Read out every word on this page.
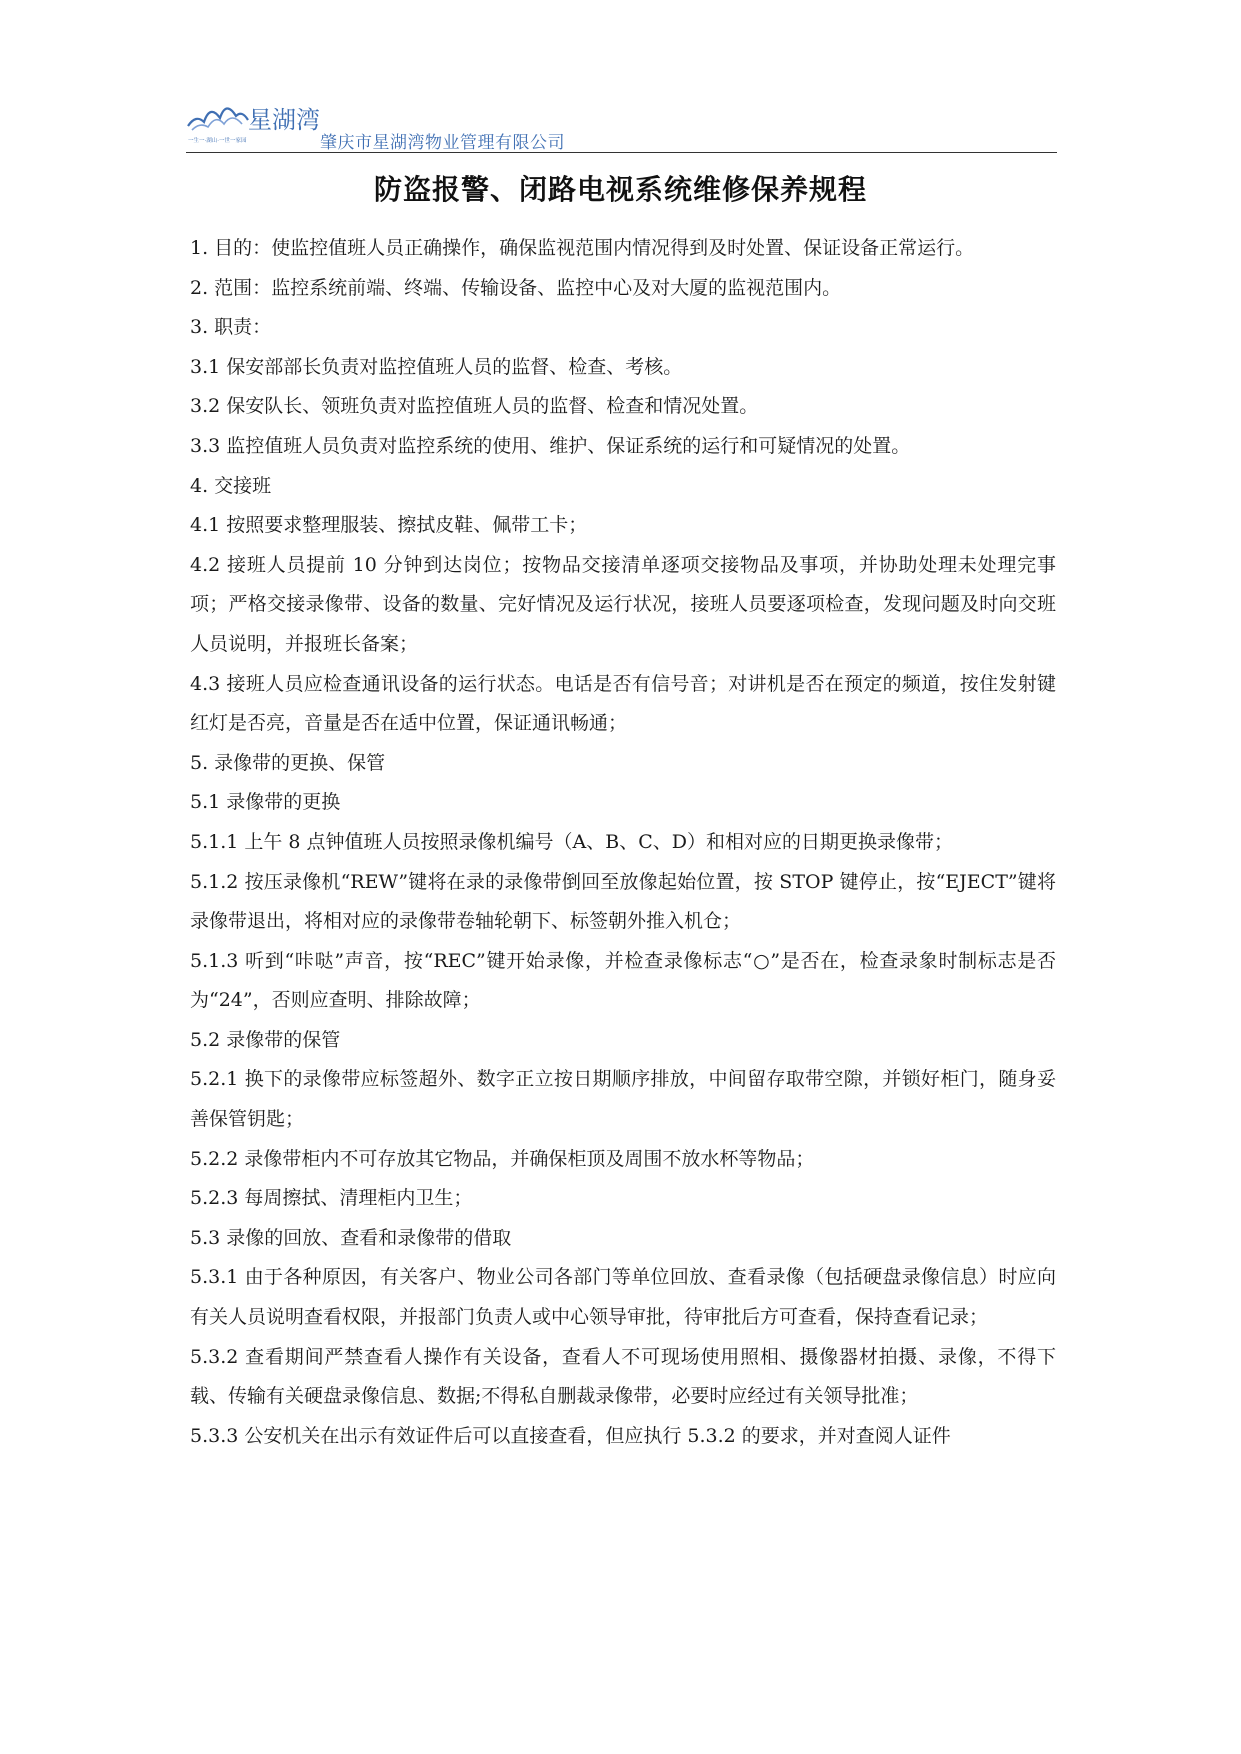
星湖湾
一生一·湖山·一世一家园	肇庆市星湖湾物业管理有限公司
防盗报警、闭路电视系统维修保养规程

1. 目的：使监控值班人员正确操作，确保监视范围内情况得到及时处置、保证设备正常运行。

2. 范围：监控系统前端、终端、传输设备、监控中心及对大厦的监视范围内。

3. 职责：

3.1 保安部部长负责对监控值班人员的监督、检查、考核。

3.2 保安队长、领班负责对监控值班人员的监督、检查和情况处置。

3.3 监控值班人员负责对监控系统的使用、维护、保证系统的运行和可疑情况的处置。

4. 交接班

4.1 按照要求整理服装、擦拭皮鞋、佩带工卡；

4.2 接班人员提前 10 分钟到达岗位；按物品交接清单逐项交接物品及事项，并协助处理未处理完事项；严格交接录像带、设备的数量、完好情况及运行状况，接班人员要逐项检查，发现问题及时向交班人员说明，并报班长备案；

4.3 接班人员应检查通讯设备的运行状态。电话是否有信号音；对讲机是否在预定的频道，按住发射键红灯是否亮，音量是否在适中位置，保证通讯畅通；

5. 录像带的更换、保管

5.1 录像带的更换

5.1.1 上午 8 点钟值班人员按照录像机编号（A、B、C、D）和相对应的日期更换录像带；

5.1.2 按压录像机“REW”键将在录的录像带倒回至放像起始位置，按 STOP 键停止，按“EJECT”键将录像带退出，将相对应的录像带卷轴轮朝下、标签朝外推入机仓；

5.1.3 听到“咔哒”声音，按“REC”键开始录像，并检查录像标志“○”是否在，检查录象时制标志是否为“24”，否则应查明、排除故障；

5.2 录像带的保管

5.2.1 换下的录像带应标签超外、数字正立按日期顺序排放，中间留存取带空隙，并锁好柜门，随身妥善保管钥匙；

5.2.2 录像带柜内不可存放其它物品，并确保柜顶及周围不放水杯等物品；

5.2.3 每周擦拭、清理柜内卫生；

5.3 录像的回放、查看和录像带的借取

5.3.1 由于各种原因，有关客户、物业公司各部门等单位回放、查看录像（包括硬盘录像信息）时应向有关人员说明查看权限，并报部门负责人或中心领导审批，待审批后方可查看，保持查看记录；

5.3.2 查看期间严禁查看人操作有关设备，查看人不可现场使用照相、摄像器材拍摄、录像，不得下载、传输有关硬盘录像信息、数据;不得私自删裁录像带，必要时应经过有关领导批准；

5.3.3 公安机关在出示有效证件后可以直接查看，但应执行 5.3.2 的要求，并对查阅人证件
